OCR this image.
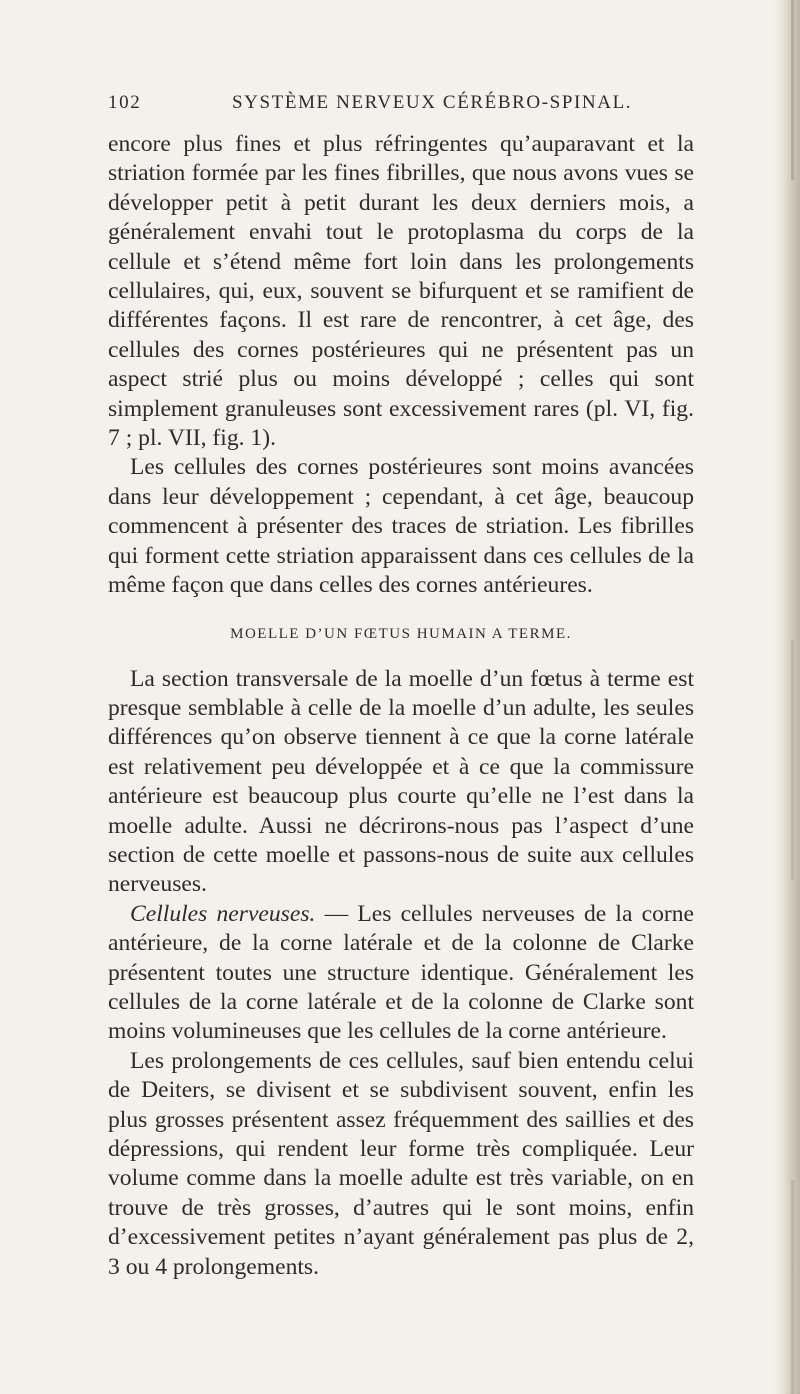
102	SYSTÈME NERVEUX CÉRÉBRO-SPINAL.

encore plus fines et plus réfringentes qu’auparavant et la striation formée par les fines fibrilles, que nous avons vues se développer petit à petit durant les deux derniers mois, a généralement envahi tout le protoplasma du corps de la cellule et s’étend même fort loin dans les prolongements cellulaires, qui, eux, souvent se bifurquent et se ramifient de différentes façons. Il est rare de rencontrer, à cet âge, des cellules des cornes postérieures qui ne présentent pas un aspect strié plus ou moins développé ; celles qui sont simplement granuleuses sont excessivement rares (pl. VI, fig. 7 ; pl. VII, fig. 1).

Les cellules des cornes postérieures sont moins avancées dans leur développement ; cependant, à cet âge, beaucoup commencent à présenter des traces de striation. Les fibrilles qui forment cette striation apparaissent dans ces cellules de la même façon que dans celles des cornes antérieures.

MOELLE D’UN FŒTUS HUMAIN A TERME.

La section transversale de la moelle d’un fœtus à terme est presque semblable à celle de la moelle d’un adulte, les seules différences qu’on observe tiennent à ce que la corne latérale est relativement peu développée et à ce que la commissure antérieure est beaucoup plus courte qu’elle ne l’est dans la moelle adulte. Aussi ne décrirons-nous pas l’aspect d’une section de cette moelle et passons-nous de suite aux cellules nerveuses.

Cellules nerveuses. — Les cellules nerveuses de la corne antérieure, de la corne latérale et de la colonne de Clarke présentent toutes une structure identique. Généralement les cellules de la corne latérale et de la colonne de Clarke sont moins volumineuses que les cellules de la corne antérieure.

Les prolongements de ces cellules, sauf bien entendu celui de Deiters, se divisent et se subdivisent souvent, enfin les plus grosses présentent assez fréquemment des saillies et des dépressions, qui rendent leur forme très compliquée. Leur volume comme dans la moelle adulte est très variable, on en trouve de très grosses, d’autres qui le sont moins, enfin d’excessivement petites n’ayant généralement pas plus de 2, 3 ou 4 prolongements.
